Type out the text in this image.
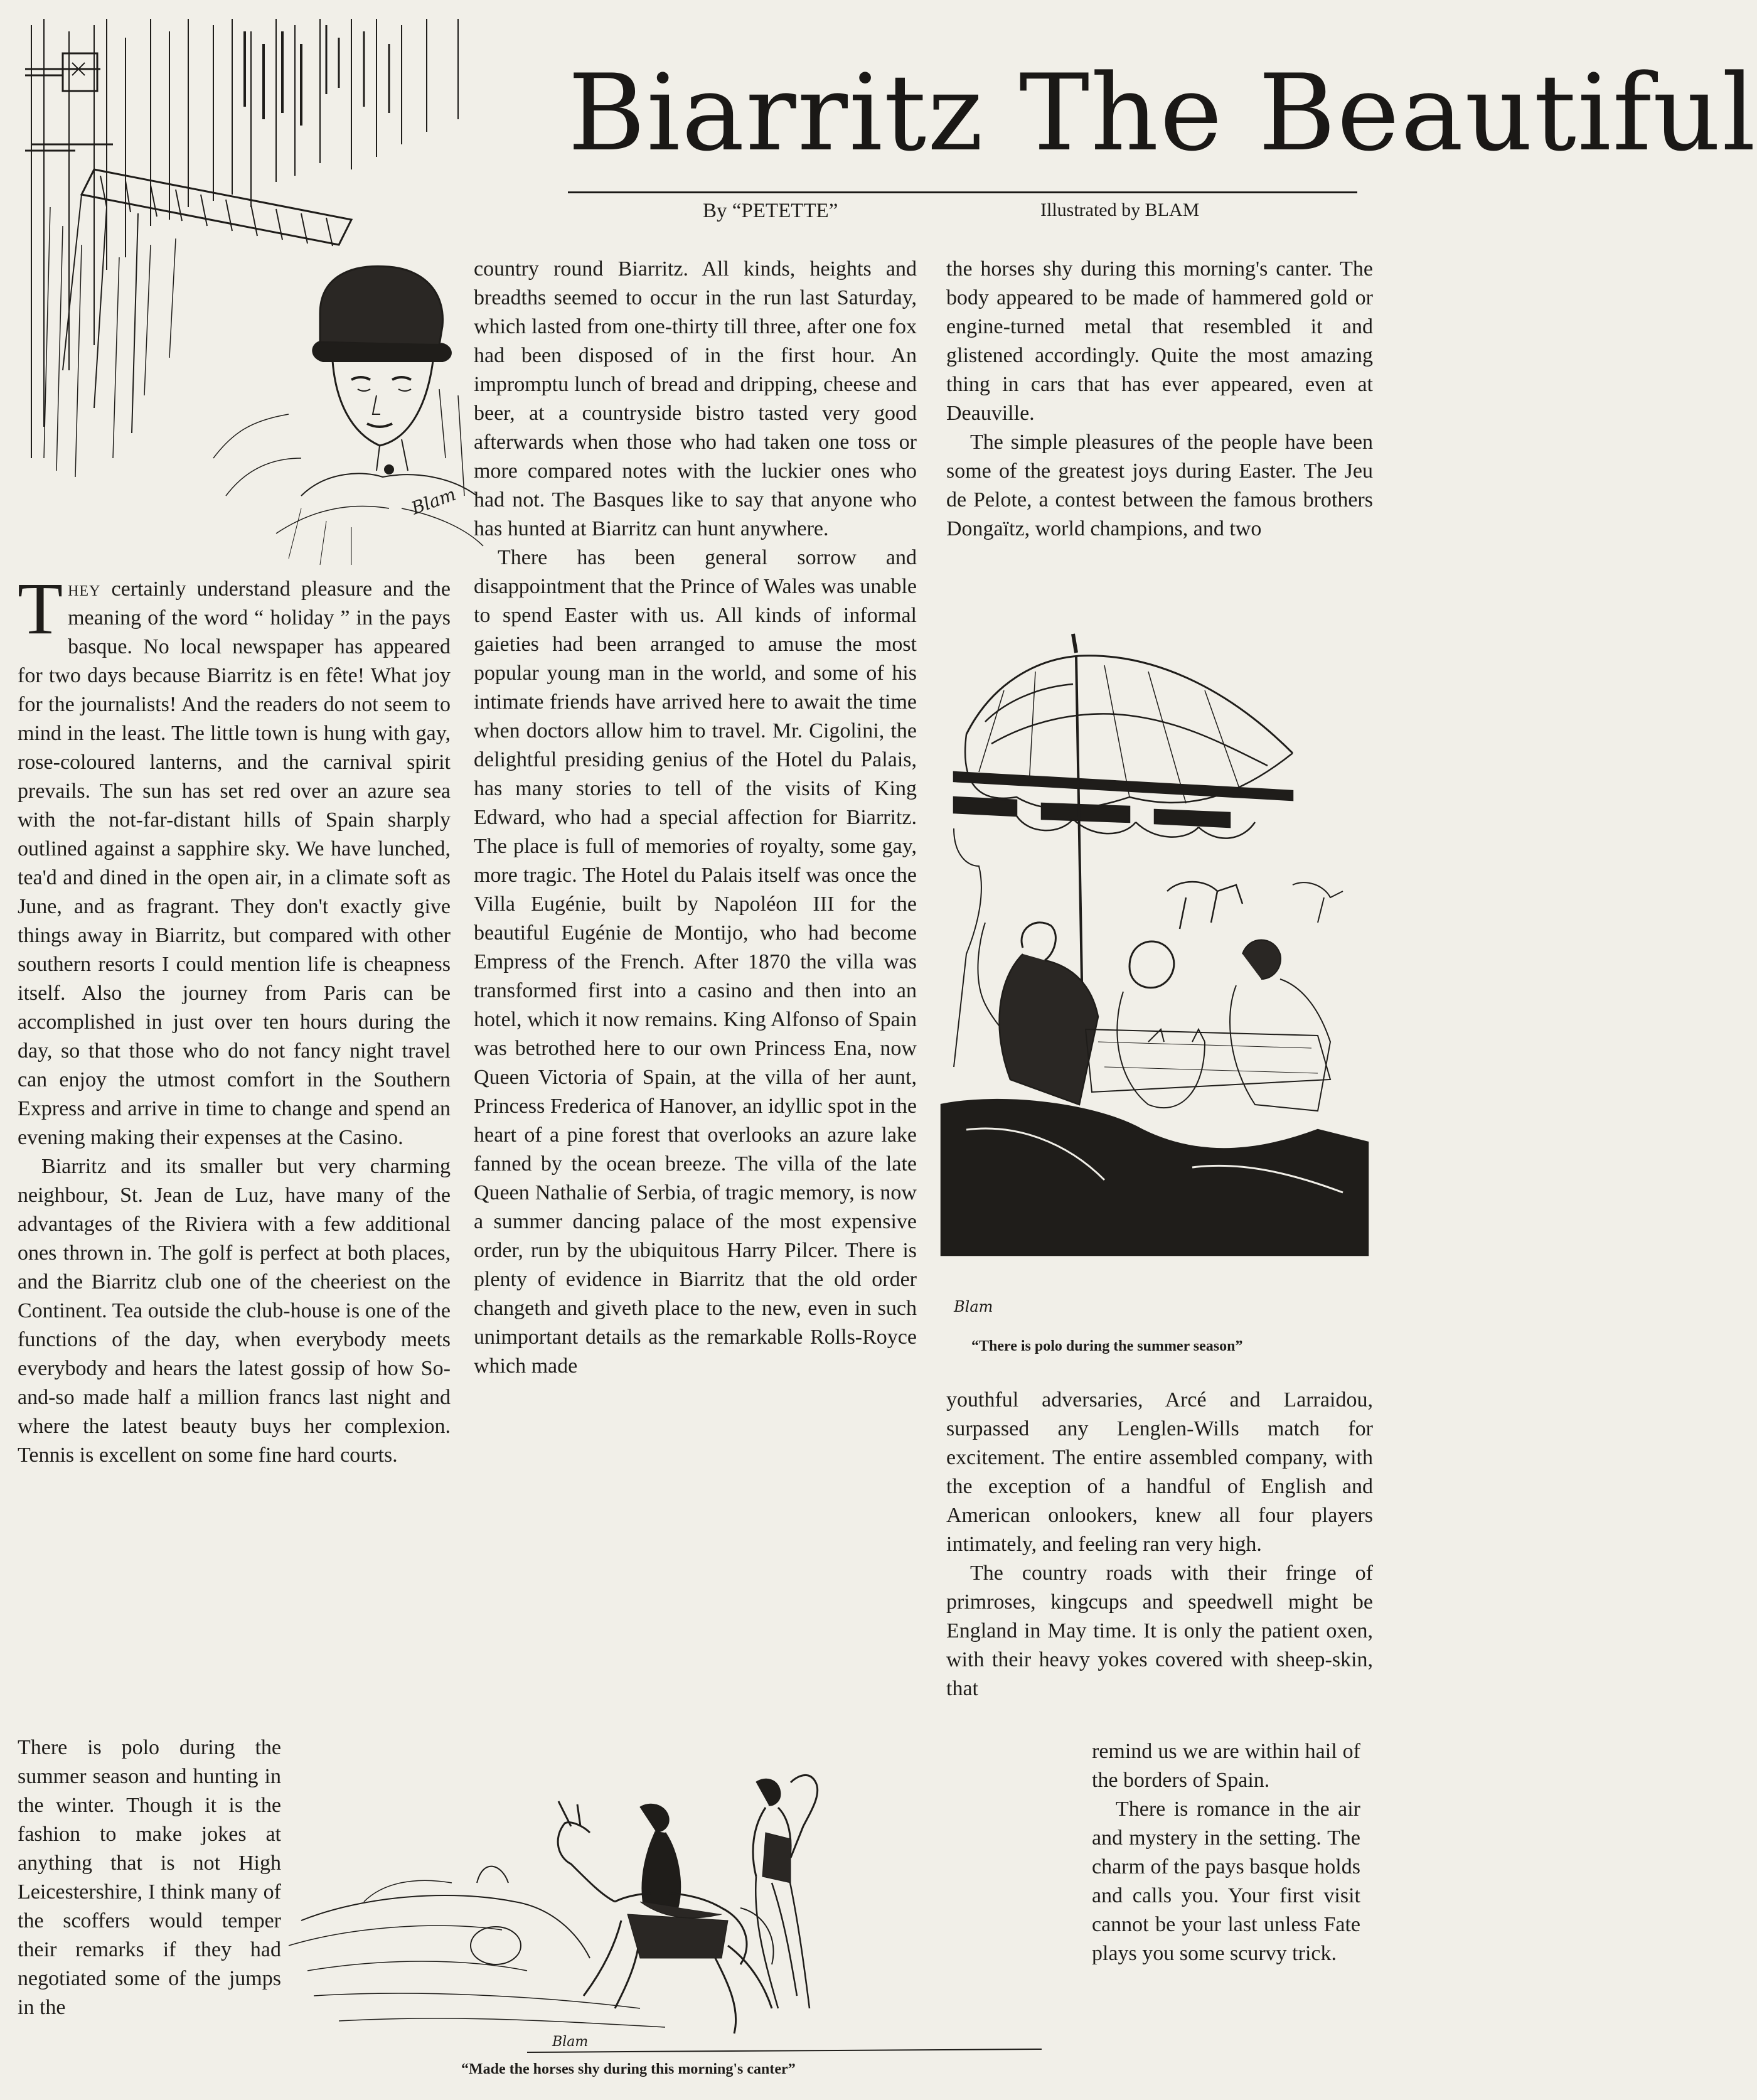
Blam
Biarritz The Beautiful
By “PETETTE”	Illustrated by BLAM

They certainly understand pleasure and the meaning of the word “ holiday ” in the pays basque. No local newspaper has appeared for two days because Biarritz is en fête! What joy for the journalists! And the readers do not seem to mind in the least. The little town is hung with gay, rose-coloured lanterns, and the carnival spirit prevails. The sun has set red over an azure sea with the not-far-distant hills of Spain sharply outlined against a sapphire sky. We have lunched, tea'd and dined in the open air, in a climate soft as June, and as fragrant. They don't exactly give things away in Biarritz, but compared with other southern resorts I could mention life is cheapness itself. Also the journey from Paris can be accomplished in just over ten hours during the day, so that those who do not fancy night travel can enjoy the utmost comfort in the Southern Express and arrive in time to change and spend an evening making their expenses at the Casino.

Biarritz and its smaller but very charming neighbour, St. Jean de Luz, have many of the advantages of the Riviera with a few additional ones thrown in. The golf is perfect at both places, and the Biarritz club one of the cheeriest on the Continent. Tea outside the club-house is one of the functions of the day, when everybody meets everybody and hears the latest gossip of how So-and-so made half a million francs last night and where the latest beauty buys her complexion. Tennis is excellent on some fine hard courts.

There is polo during the summer season and hunting in the winter. Though it is the fashion to make jokes at anything that is not High Leicestershire, I think many of the scoffers would temper their remarks if they had negotiated some of the jumps in the

country round Biarritz. All kinds, heights and breadths seemed to occur in the run last Saturday, which lasted from one-thirty till three, after one fox had been disposed of in the first hour. An impromptu lunch of bread and dripping, cheese and beer, at a countryside bistro tasted very good afterwards when those who had taken one toss or more compared notes with the luckier ones who had not. The Basques like to say that anyone who has hunted at Biarritz can hunt anywhere.

There has been general sorrow and disappointment that the Prince of Wales was unable to spend Easter with us. All kinds of informal gaieties had been arranged to amuse the most popular young man in the world, and some of his intimate friends have arrived here to await the time when doctors allow him to travel. Mr. Cigolini, the delightful presiding genius of the Hotel du Palais, has many stories to tell of the visits of King Edward, who had a special affection for Biarritz. The place is full of memories of royalty, some gay, more tragic. The Hotel du Palais itself was once the Villa Eugénie, built by Napoléon III for the beautiful Eugénie de Montijo, who had become Empress of the French. After 1870 the villa was transformed first into a casino and then into an hotel, which it now remains. King Alfonso of Spain was betrothed here to our own Princess Ena, now Queen Victoria of Spain, at the villa of her aunt, Princess Frederica of Hanover, an idyllic spot in the heart of a pine forest that overlooks an azure lake fanned by the ocean breeze. The villa of the late Queen Nathalie of Serbia, of tragic memory, is now a summer dancing palace of the most expensive order, run by the ubiquitous Harry Pilcer. There is plenty of evidence in Biarritz that the old order changeth and giveth place to the new, even in such unimportant details as the remarkable Rolls-Royce which made

the horses shy during this morning's canter. The body appeared to be made of hammered gold or engine-turned metal that resembled it and glistened accordingly. Quite the most amazing thing in cars that has ever appeared, even at Deauville.

The simple pleasures of the people have been some of the greatest joys during Easter. The Jeu de Pelote, a contest between the famous brothers Dongaïtz, world champions, and two

Blam
“There is polo during the summer season”

youthful adversaries, Arcé and Larraidou, surpassed any Lenglen-Wills match for excitement. The entire assembled company, with the exception of a handful of English and American onlookers, knew all four players intimately, and feeling ran very high.

The country roads with their fringe of primroses, kingcups and speedwell might be England in May time. It is only the patient oxen, with their heavy yokes covered with sheep-skin, that

remind us we are within hail of the borders of Spain.

There is romance in the air and mystery in the setting. The charm of the pays basque holds and calls you. Your first visit cannot be your last unless Fate plays you some scurvy trick.

Blam
“Made the horses shy during this morning's canter”
